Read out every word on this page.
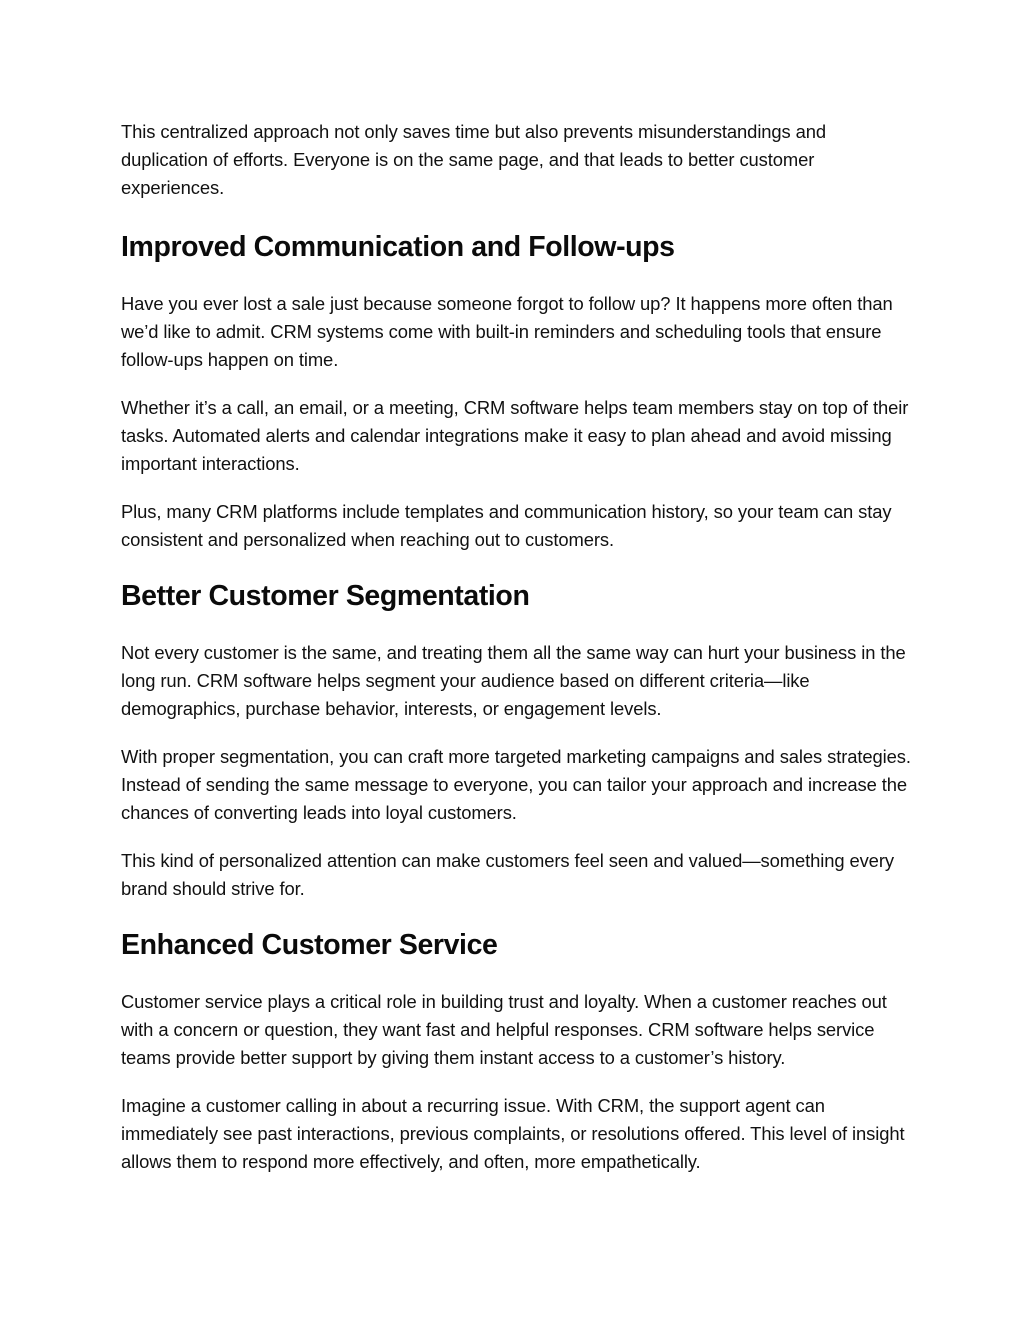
This centralized approach not only saves time but also prevents misunderstandings and duplication of efforts. Everyone is on the same page, and that leads to better customer experiences.

Improved Communication and Follow-ups

Have you ever lost a sale just because someone forgot to follow up? It happens more often than we’d like to admit. CRM systems come with built-in reminders and scheduling tools that ensure follow-ups happen on time.

Whether it’s a call, an email, or a meeting, CRM software helps team members stay on top of their tasks. Automated alerts and calendar integrations make it easy to plan ahead and avoid missing important interactions.

Plus, many CRM platforms include templates and communication history, so your team can stay consistent and personalized when reaching out to customers.

Better Customer Segmentation

Not every customer is the same, and treating them all the same way can hurt your business in the long run. CRM software helps segment your audience based on different criteria—like demographics, purchase behavior, interests, or engagement levels.

With proper segmentation, you can craft more targeted marketing campaigns and sales strategies. Instead of sending the same message to everyone, you can tailor your approach and increase the chances of converting leads into loyal customers.

This kind of personalized attention can make customers feel seen and valued—something every brand should strive for.

Enhanced Customer Service

Customer service plays a critical role in building trust and loyalty. When a customer reaches out with a concern or question, they want fast and helpful responses. CRM software helps service teams provide better support by giving them instant access to a customer’s history.

Imagine a customer calling in about a recurring issue. With CRM, the support agent can immediately see past interactions, previous complaints, or resolutions offered. This level of insight allows them to respond more effectively, and often, more empathetically.
